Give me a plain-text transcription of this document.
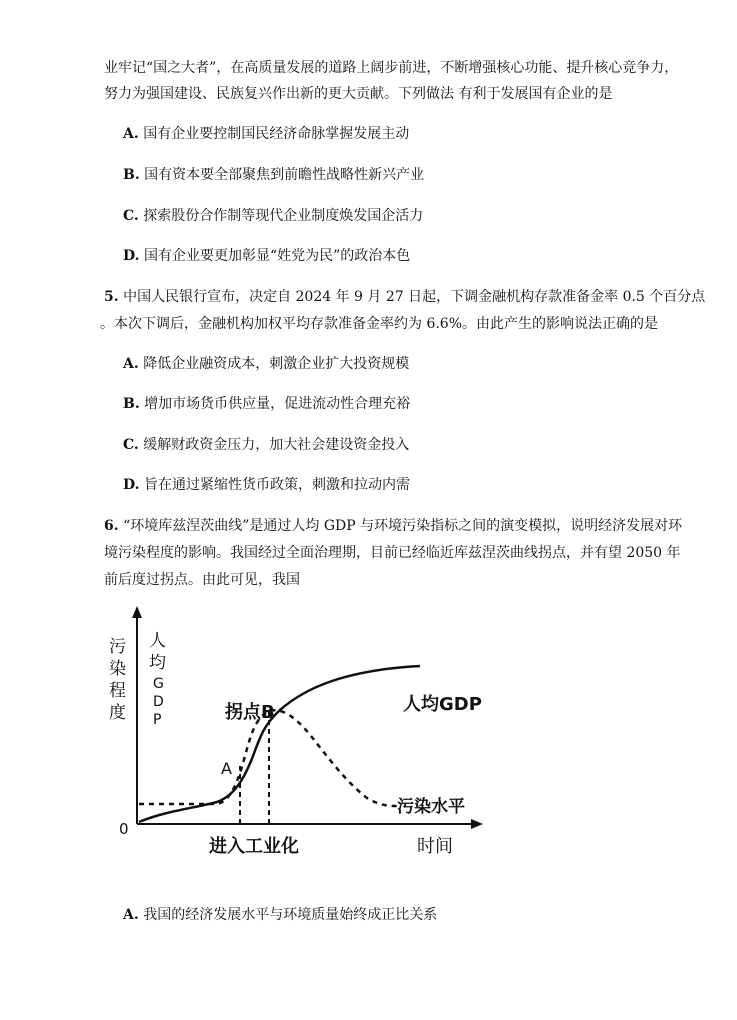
业牢记“国之大者”，在高质量发展的道路上阔步前进，不断增强核心功能、提升核心竞争力，
努力为强国建设、民族复兴作出新的更大贡献。下列做法 有利于发展国有企业的是
A. 国有企业要控制国民经济命脉掌握发展主动
B. 国有资本要全部聚焦到前瞻性战略性新兴产业
C. 探索股份合作制等现代企业制度焕发国企活力
D. 国有企业要更加彰显“姓党为民”的政治本色
5. 中国人民银行宣布，决定自 2024 年 9 月 27 日起，下调金融机构存款准备金率 0.5 个百分点
。本次下调后，金融机构加权平均存款准备金率约为 6.6%。由此产生的影响说法正确的是
A. 降低企业融资成本，刺激企业扩大投资规模
B. 增加市场货币供应量，促进流动性合理充裕
C. 缓解财政资金压力，加大社会建设资金投入
D. 旨在通过紧缩性货币政策，刺激和拉动内需
6. “环境库兹涅茨曲线”是通过人均 GDP 与环境污染指标之间的演变模拟，说明经济发展对环
境污染程度的影响。我国经过全面治理期，目前已经临近库兹涅茨曲线拐点，并有望 2050 年
前后度过拐点。由此可见，我国
污
染
程
度
人
均
G
D
P
0
进入工业化	时间
A
拐点B	人均GDP
污染水平
A. 我国的经济发展水平与环境质量始终成正比关系
